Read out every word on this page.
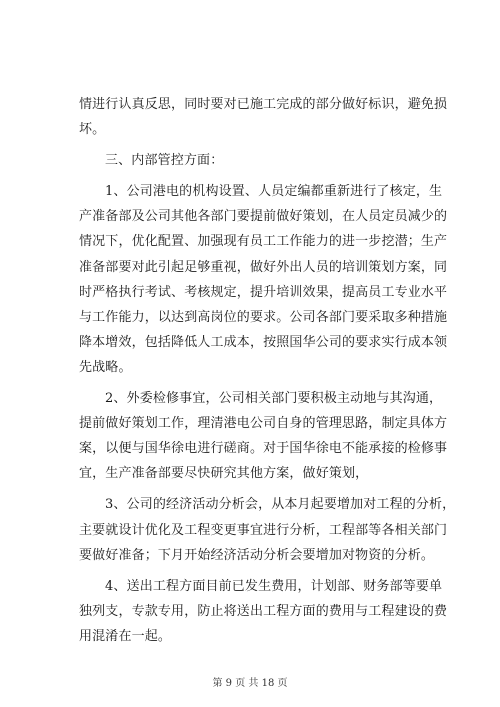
情进行认真反思，同时要对已施工完成的部分做好标识，避免损
坏。
三、内部管控方面：
1、公司港电的机构设置、人员定编都重新进行了核定，生
产准备部及公司其他各部门要提前做好策划，在人员定员减少的
情况下，优化配置、加强现有员工工作能力的进一步挖潜；生产
准备部要对此引起足够重视，做好外出人员的培训策划方案，同
时严格执行考试、考核规定，提升培训效果，提高员工专业水平
与工作能力，以达到高岗位的要求。公司各部门要采取多种措施
降本增效，包括降低人工成本，按照国华公司的要求实行成本领
先战略。
2、外委检修事宜，公司相关部门要积极主动地与其沟通，
提前做好策划工作，理清港电公司自身的管理思路，制定具体方
案，以便与国华徐电进行磋商。对于国华徐电不能承接的检修事
宜，生产准备部要尽快研究其他方案，做好策划，
3、公司的经济活动分析会，从本月起要增加对工程的分析，
主要就设计优化及工程变更事宜进行分析，工程部等各相关部门
要做好准备；下月开始经济活动分析会要增加对物资的分析。
4、送出工程方面目前已发生费用，计划部、财务部等要单
独列支，专款专用，防止将送出工程方面的费用与工程建设的费
用混淆在一起。
第 9 页 共 18 页
